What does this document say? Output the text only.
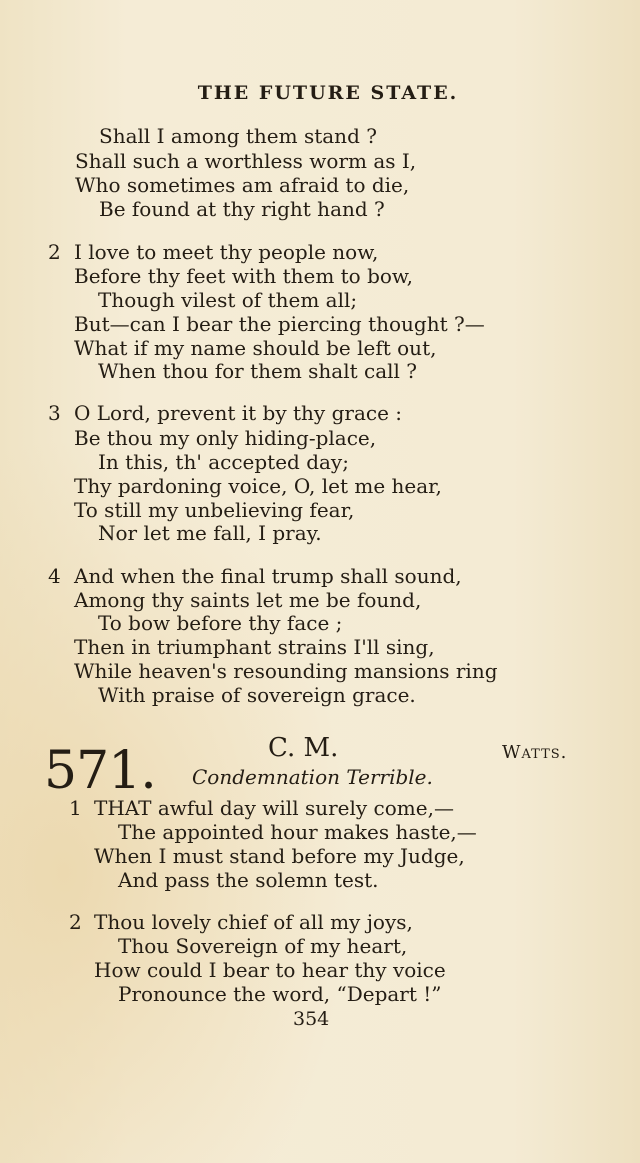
THE FUTURE STATE.
Shall I among them stand ?
Shall such a worthless worm as I,
Who sometimes am afraid to die,
Be found at thy right hand ?
2 I love to meet thy people now,
Before thy feet with them to bow,
Though vilest of them all;
But—can I bear the piercing thought ?—
What if my name should be left out,
When thou for them shalt call ?
3 O Lord, prevent it by thy grace :
Be thou my only hiding-place,
In this, th' accepted day;
Thy pardoning voice, O, let me hear,
To still my unbelieving fear,
Nor let me fall, I pray.
4 And when the final trump shall sound,
Among thy saints let me be found,
To bow before thy face ;
Then in triumphant strains I'll sing,
While heaven's resounding mansions ring
With praise of sovereign grace.
571.	C. M.	Watts.
Condemnation Terrible.
1 THAT awful day will surely come,—
The appointed hour makes haste,—
When I must stand before my Judge,
And pass the solemn test.
2 Thou lovely chief of all my joys,
Thou Sovereign of my heart,
How could I bear to hear thy voice
Pronounce the word, “Depart !”
354
